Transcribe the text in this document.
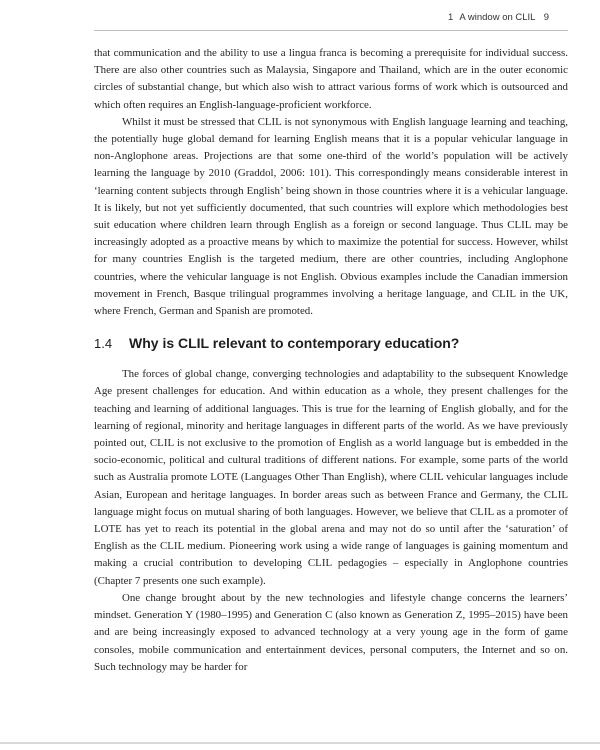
1 A window on CLIL 9

that communication and the ability to use a lingua franca is becoming a prerequisite for individual success. There are also other countries such as Malaysia, Singapore and Thailand, which are in the outer economic circles of substantial change, but which also wish to attract various forms of work which is outsourced and which often requires an English-language-proficient workforce.

Whilst it must be stressed that CLIL is not synonymous with English language learning and teaching, the potentially huge global demand for learning English means that it is a popular vehicular language in non-Anglophone areas. Projections are that some one-third of the world’s population will be actively learning the language by 2010 (Graddol, 2006: 101). This correspondingly means considerable interest in ‘learning content subjects through English’ being shown in those countries where it is a vehicular language. It is likely, but not yet sufficiently documented, that such countries will explore which methodologies best suit education where children learn through English as a foreign or second language. Thus CLIL may be increasingly adopted as a proactive means by which to maximize the potential for success. However, whilst for many countries English is the targeted medium, there are other countries, including Anglophone countries, where the vehicular language is not English. Obvious examples include the Canadian immersion movement in French, Basque trilingual programmes involving a heritage language, and CLIL in the UK, where French, German and Spanish are promoted.

1.4	Why is CLIL relevant to contemporary education?

The forces of global change, converging technologies and adaptability to the subsequent Knowledge Age present challenges for education. And within education as a whole, they present challenges for the teaching and learning of additional languages. This is true for the learning of English globally, and for the learning of regional, minority and heritage languages in different parts of the world. As we have previously pointed out, CLIL is not exclusive to the promotion of English as a world language but is embedded in the socio-economic, political and cultural traditions of different nations. For example, some parts of the world such as Australia promote LOTE (Languages Other Than English), where CLIL vehicular languages include Asian, European and heritage languages. In border areas such as between France and Germany, the CLIL language might focus on mutual sharing of both languages. However, we believe that CLIL as a promoter of LOTE has yet to reach its potential in the global arena and may not do so until after the ‘saturation’ of English as the CLIL medium. Pioneering work using a wide range of languages is gaining momentum and making a crucial contribution to developing CLIL pedagogies – especially in Anglophone countries (Chapter 7 presents one such example).

One change brought about by the new technologies and lifestyle change concerns the learners’ mindset. Generation Y (1980–1995) and Generation C (also known as Generation Z, 1995–2015) have been and are being increasingly exposed to advanced technology at a very young age in the form of game consoles, mobile communication and entertainment devices, personal computers, the Internet and so on. Such technology may be harder for
